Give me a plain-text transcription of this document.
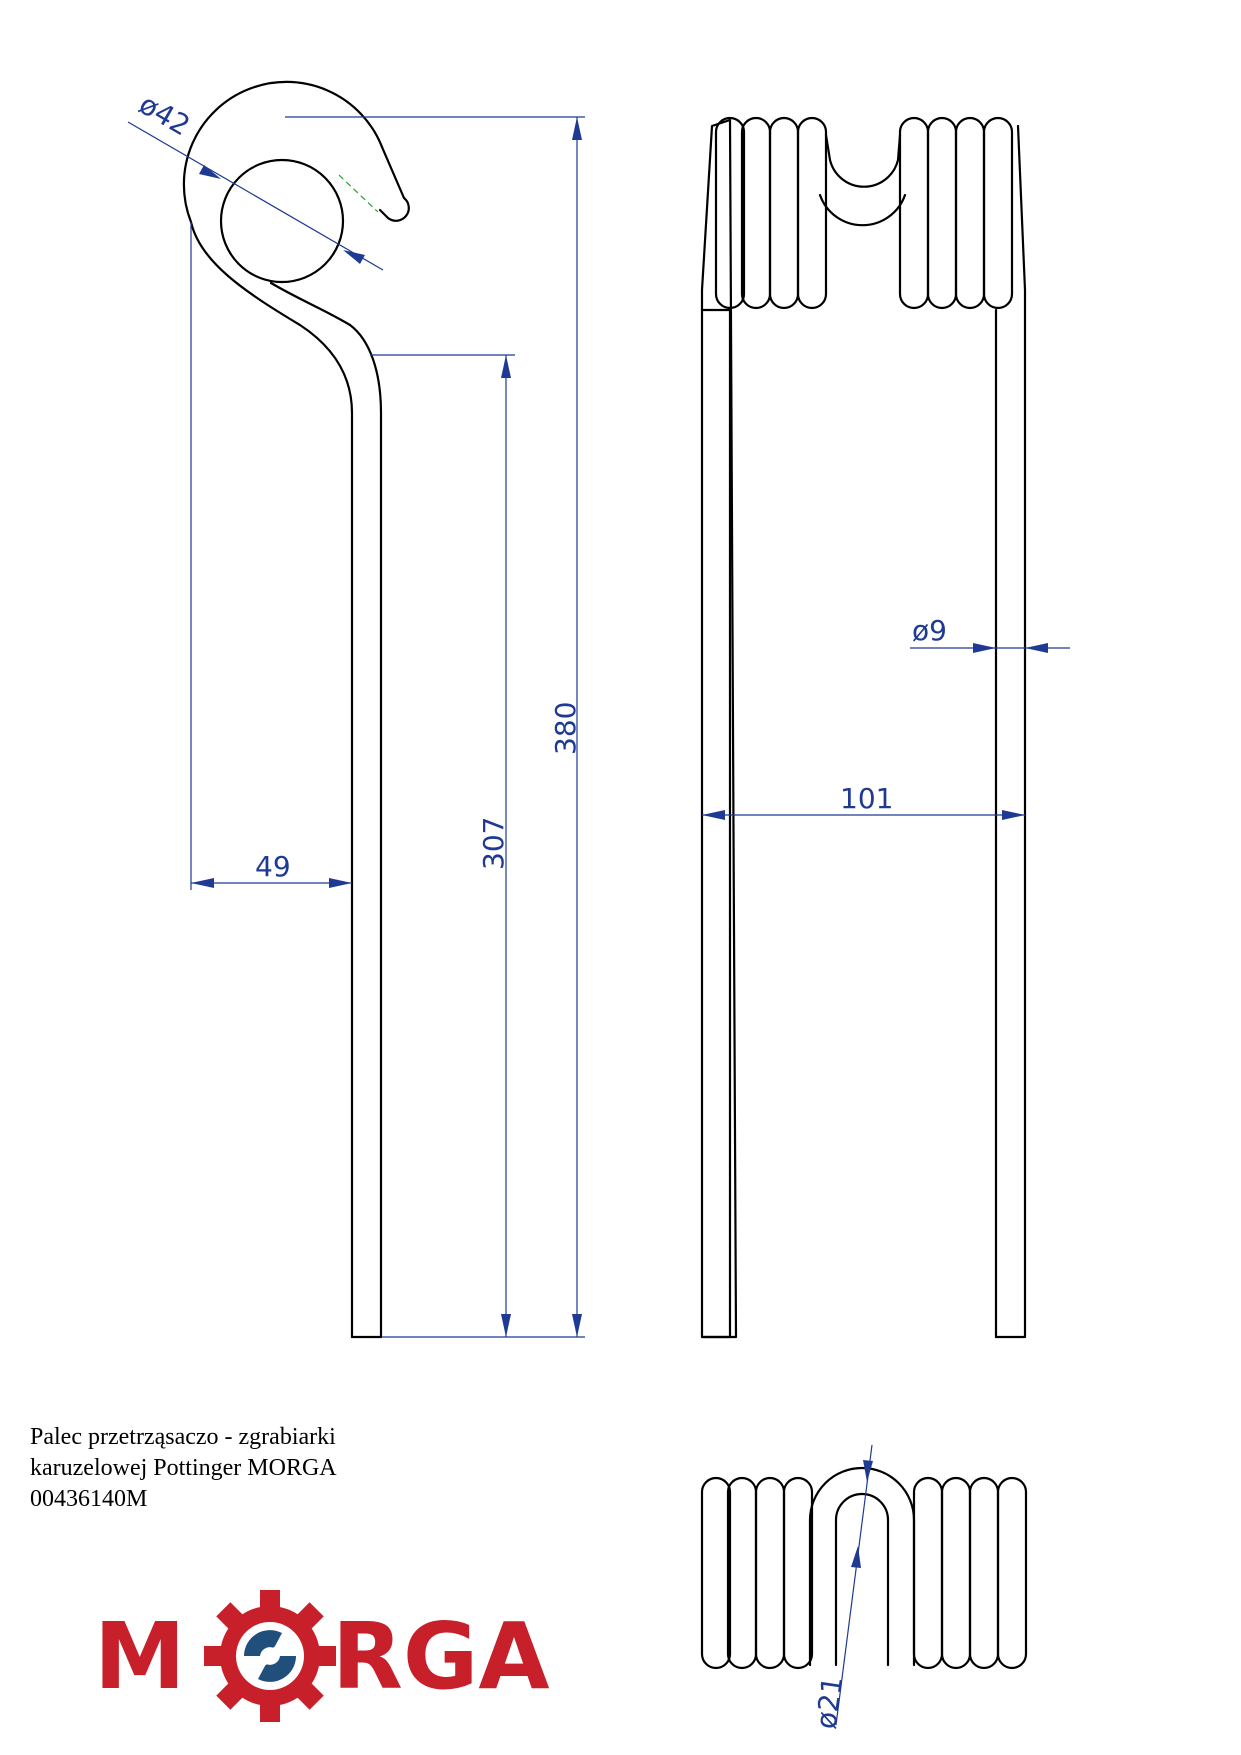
ø42
380
307
49
ø9
101
ø21
Palec przetrząsaczo - zgrabiarki
karuzelowej Pottinger MORGA
00436140M
M RGA
